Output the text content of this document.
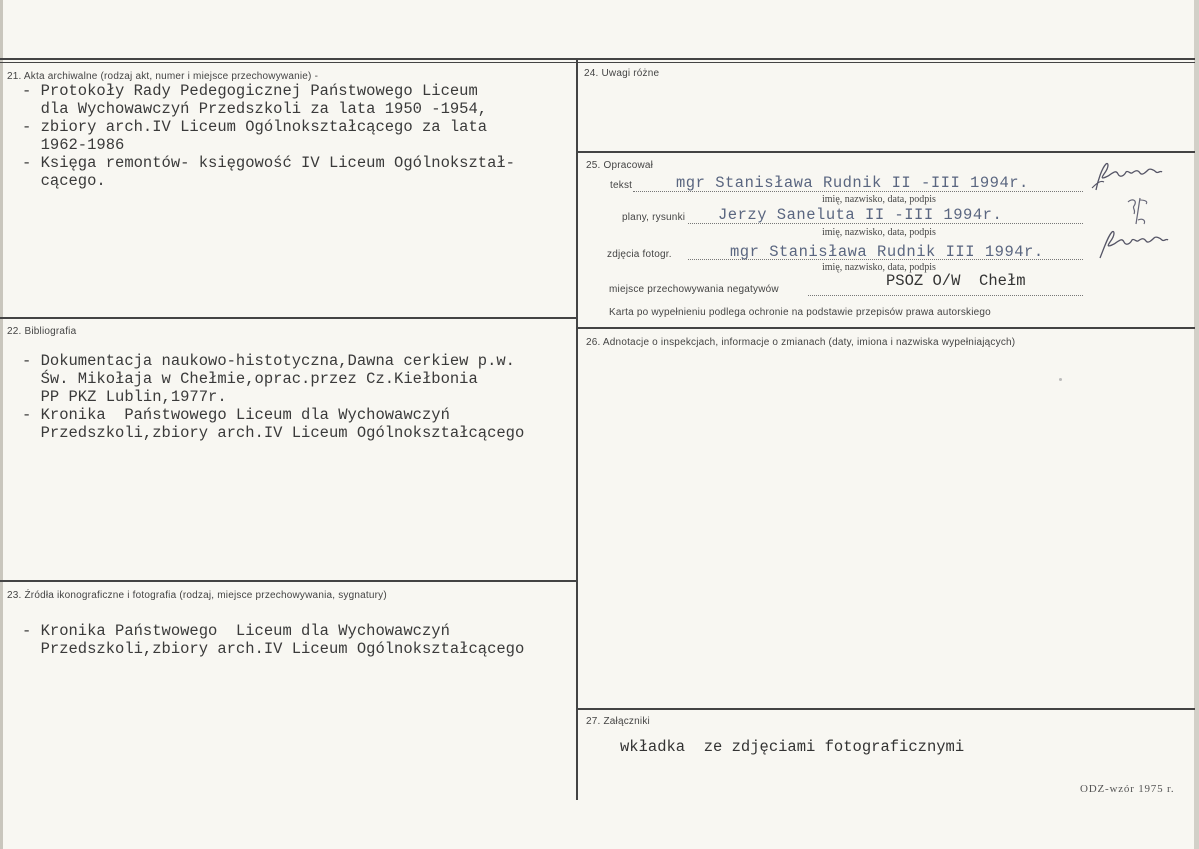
21. Akta archiwalne (rodzaj akt, numer i miejsce przechowywanie) -
- Protokoły Rady Pedegogicznej Państwowego Liceum
dla Wychowawczyń Przedszkoli za lata 1950 -1954,
- zbiory arch.IV Liceum Ogólnokształcącego za lata
1962-1986
- Księga remontów- księgowość IV Liceum Ogólnokształ-
cącego.
22. Bibliografia
- Dokumentacja naukowo-histotyczna,Dawna cerkiew p.w.
Św. Mikołaja w Chełmie,oprac.przez Cz.Kiełbonia
PP PKZ Lublin,1977r.
- Kronika  Państwowego Liceum dla Wychowawczyń
Przedszkoli,zbiory arch.IV Liceum Ogólnokształcącego
23. Źródła ikonograficzne i fotografia (rodzaj, miejsce przechowywania, sygnatury)
- Kronika Państwowego  Liceum dla Wychowawczyń
Przedszkoli,zbiory arch.IV Liceum Ogólnokształcącego
24. Uwagi różne
25. Opracował
tekst	mgr Stanisława Rudnik II -III 1994r.
imię, nazwisko, data, podpis
plany, rysunki Jerzy Saneluta II -III 1994r.
imię, nazwisko, data, podpis
zdjęcia fotogr.	mgr Stanisława Rudnik III 1994r.
imię, nazwisko, data, podpis
miejsce przechowywania negatywów	PSOZ O/W  Chełm
Karta po wypełnieniu podlega ochronie na podstawie przepisów prawa autorskiego
26. Adnotacje o inspekcjach, informacje o zmianach (daty, imiona i nazwiska wypełniających)
27. Załączniki
wkładka  ze zdjęciami fotograficznymi
ODZ-wzór 1975 r.
